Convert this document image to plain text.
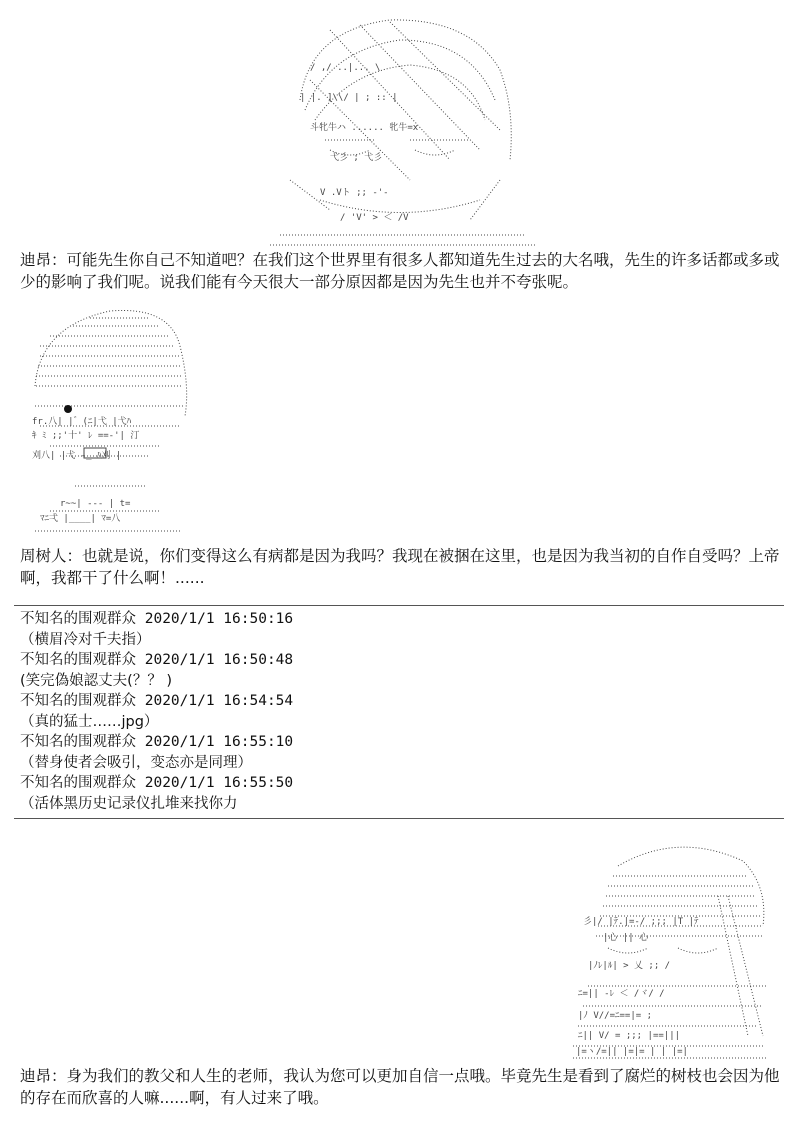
/ ,/ ..|... \
| |. ]\\/ | ; :: |
斗牝牛ハ ...... 牝牛=x
弋彡 ; 弋彡
V .Vト ;; -'-
/ 'V' > ＜ /V

迪昂：可能先生你自己不知道吧？在我们这个世界里有很多人都知道先生过去的大名哦，先生的许多话都或多或少的影响了我们呢。说我们能有今天很大一部分原因都是因为先生也并不夸张呢。

fr.八| |゛(ﾆ|弋 |弋ﾊ
ｷ ﾐ ;;'十' ﾚ ==-'| 汀
刈八| |弋 -_ ﾊ刈 |
r~~| --- | t=
ﾏﾆ弌 |____| ﾏ=八

周树人：也就是说，你们变得这么有病都是因为我吗？我现在被捆在这里，也是因为我当初的自作自受吗？上帝啊，我都干了什么啊！......

不知名的围观群众 2020/1/1 16:50:16
（横眉冷对千夫指）
不知名的围观群众 2020/1/1 16:50:48
(笑完偽娘認丈夫(？？ )
不知名的围观群众 2020/1/1 16:54:54
（真的猛士……jpg）
不知名的围观群众 2020/1/1 16:55:10
（替身使者会吸引，变态亦是同理）
不知名的围观群众 2020/1/1 16:55:50
（活体黑历史记录仪扎堆来找你力
彡|/ |ﾃ.|=-/ ;;; |T |ﾃ
|心 || 心
|ﾉﾚ|ﾙ| > 乂 ;; /
ﾆ=|| -ﾚ ＜ /ヾ/ /
|ﾉ V//=ﾆ==|= ;
ﾆ|| V/ = ;;; |==|||
|=ヽ/=|| |=|= | | |=|

迪昂：身为我们的教父和人生的老师，我认为您可以更加自信一点哦。毕竟先生是看到了腐烂的树枝也会因为他的存在而欣喜的人嘛......啊，有人过来了哦。
